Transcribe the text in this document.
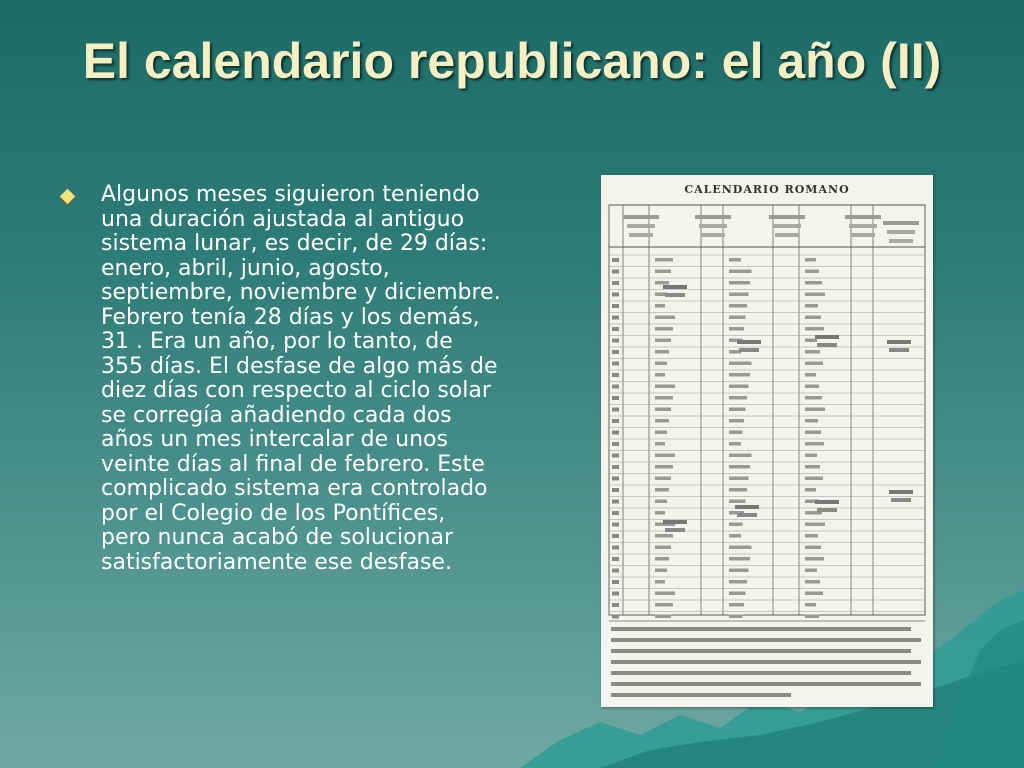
El calendario republicano: el año (II)

Algunos meses siguieron teniendo una duración ajustada al antiguo sistema lunar, es decir, de 29 días: enero, abril, junio, agosto, septiembre, noviembre y diciembre. Febrero tenía 28 días y los demás, 31 . Era un año, por lo tanto, de 355 días. El desfase de algo más de diez días con respecto al ciclo solar se corregía añadiendo cada dos años un mes intercalar de unos veinte días al final de febrero. Este complicado sistema era controlado por el Colegio de los Pontífices, pero nunca acabó de solucionar satisfactoriamente ese desfase.

CALENDARIO ROMANO
